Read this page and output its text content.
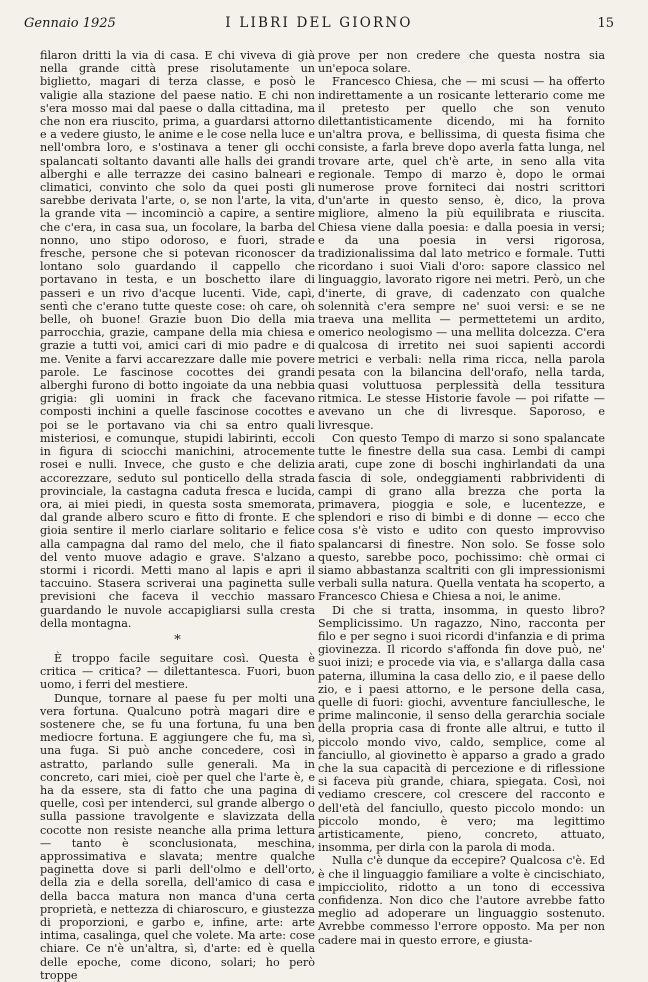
Gennaio 1925	I LIBRI DEL GIORNO	15

filaron dritti la via di casa. E chi viveva di già nella grande città prese risolutamente un biglietto, magari di terza classe, e posò le valigie alla stazione del paese natio. E chi non s'era mosso mai dal paese o dalla cittadina, ma che non era riuscito, prima, a guardarsi attorno e a vedere giusto, le anime e le cose nella luce e nell'ombra loro, e s'ostinava a tener gli occhi spalancati soltanto davanti alle halls dei grandi alberghi e alle terrazze dei casino balneari e climatici, convinto che solo da quei posti gli sarebbe derivata l'arte, o, se non l'arte, la vita, la grande vita — incominciò a capire, a sentire che c'era, in casa sua, un focolare, la barba del nonno, uno stipo odoroso, e fuori, strade fresche, persone che si potevan riconoscer da lontano solo guardando il cappello che portavano in testa, e un boschetto ilare di passeri e un rivo d'acque lucenti. Vide, capì, sentì che c'erano tutte queste cose: oh care, oh belle, oh buone! Grazie buon Dio della mia parrocchia, grazie, campane della mia chiesa e grazie a tutti voi, amici cari di mio padre e di me. Venite a farvi accarezzare dalle mie povere parole. Le fascinose cocottes dei grandi alberghi furono di botto ingoiate da una nebbia grigia: gli uomini in frack che facevano composti inchini a quelle fascinose cocottes e poi se le portavano via chi sa entro quali misteriosi, e comunque, stupidi labirinti, eccoli in figura di sciocchi manichini, atrocemente rosei e nulli. Invece, che gusto e che delizia accorezzare, seduto sul ponticello della strada provinciale, la castagna caduta fresca e lucida, ora, ai miei piedi, in questa sosta smemorata, dal grande albero scuro e fitto di fronte. E che gioia sentire il merlo ciarlare solitario e felice alla campagna dal ramo del melo, che il fiato del vento muove adagio e grave. S'alzano a stormi i ricordi. Metti mano al lapis e apri il taccuino. Stasera scriverai una paginetta sulle previsioni che faceva il vecchio massaro guardando le nuvole accapigliarsi sulla cresta della montagna.

*

È troppo facile seguitare così. Questa è critica — critica? — dilettantesca. Fuori, buon uomo, i ferri del mestiere.

Dunque, tornare al paese fu per molti una vera fortuna. Qualcuno potrà magari dire e sostenere che, se fu una fortuna, fu una ben mediocre fortuna. E aggiungere che fu, ma sì, una fuga. Si può anche concedere, così in astratto, parlando sulle generali. Ma in concreto, cari miei, cioè per quel che l'arte è, e ha da essere, sta di fatto che una pagina di quelle, così per intenderci, sul grande albergo o sulla passione travolgente e slavizzata della cocotte non resiste neanche alla prima lettura — tanto è sconclusionata, meschina, approssimativa e slavata; mentre qualche paginetta dove si parli dell'olmo e dell'orto, della zia e della sorella, dell'amico di casa e della bacca matura non manca d'una certa proprietà, e nettezza di chiaroscuro, e giustezza di proporzioni, e garbo e, infine, arte: arte intima, casalinga, quel che volete. Ma arte: cose chiare. Ce n'è un'altra, sì, d'arte: ed è quella delle epoche, come dicono, solari; ho però troppe

prove per non credere che questa nostra sia un'epoca solare.

Francesco Chiesa, che — mi scusi — ha offerto indirettamente a un rosicante letterario come me il pretesto per quello che son venuto dilettantisticamente dicendo, mi ha fornito un'altra prova, e bellissima, di questa fisima che consiste, a farla breve dopo averla fatta lunga, nel trovare arte, quel ch'è arte, in seno alla vita regionale. Tempo di marzo è, dopo le ormai numerose prove forniteci dai nostri scrittori d'un'arte in questo senso, è, dico, la prova migliore, almeno la più equilibrata e riuscita. Chiesa viene dalla poesia: e dalla poesia in versi; e da una poesia in versi rigorosa, tradizionalissima dal lato metrico e formale. Tutti ricordano i suoi Viali d'oro: sapore classico nel linguaggio, lavorato rigore nei metri. Però, un che d'inerte, di grave, di cadenzato con qualche solennità c'era sempre ne' suoi versi: e se ne traeva una mellita — permettetemi un ardito, omerico neologismo — una mellita dolcezza. C'era qualcosa di irretito nei suoi sapienti accordi metrici e verbali: nella rima ricca, nella parola pesata con la bilancina dell'orafo, nella tarda, quasi voluttuosa perplessità della tessitura ritmica. Le stesse Historie favole — poi rifatte — avevano un che di livresque. Saporoso, e livresque.

Con questo Tempo di marzo si sono spalancate tutte le finestre della sua casa. Lembi di campi arati, cupe zone di boschi inghirlandati da una fascia di sole, ondeggiamenti rabbrividenti di campi di grano alla brezza che porta la primavera, pioggia e sole, e lucentezze, e splendori e riso di bimbi e di donne — ecco che cosa s'è visto e udito con questo improvviso spalancarsi di finestre. Non solo. Se fosse solo questo, sarebbe poco, pochissimo: chè ormai ci siamo abbastanza scaltriti con gli impressionismi verbali sulla natura. Quella ventata ha scoperto, a Francesco Chiesa e Chiesa a noi, le anime.

Di che si tratta, insomma, in questo libro? Semplicissimo. Un ragazzo, Nino, racconta per filo e per segno i suoi ricordi d'infanzia e di prima giovinezza. Il ricordo s'affonda fin dove può, ne' suoi inizi; e procede via via, e s'allarga dalla casa paterna, illumina la casa dello zio, e il paese dello zio, e i paesi attorno, e le persone della casa, quelle di fuori: giochi, avventure fanciullesche, le prime malinconie, il senso della gerarchia sociale della propria casa di fronte alle altrui, e tutto il piccolo mondo vivo, caldo, semplice, come al fanciullo, al giovinetto è apparso a grado a grado che la sua capacità di percezione e di riflessione si faceva più grande, chiara, spiegata. Così, noi vediamo crescere, col crescere del racconto e dell'età del fanciullo, questo piccolo mondo: un piccolo mondo, è vero; ma legittimo artisticamente, pieno, concreto, attuato, insomma, per dirla con la parola di moda.

Nulla c'è dunque da eccepire? Qualcosa c'è. Ed è che il linguaggio familiare a volte è cincischiato, impicciolito, ridotto a un tono di eccessiva confidenza. Non dico che l'autore avrebbe fatto meglio ad adoperare un linguaggio sostenuto. Avrebbe commesso l'errore opposto. Ma per non cadere mai in questo errore, e giusta-
